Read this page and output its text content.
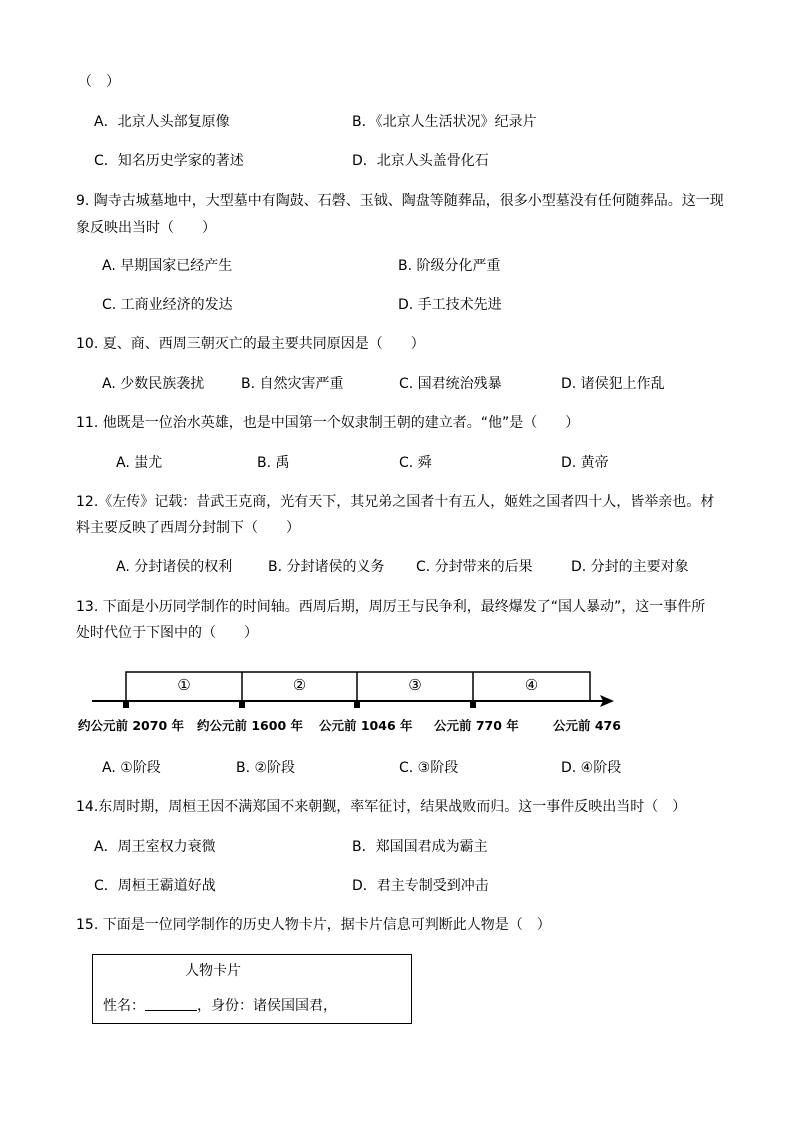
（　）
A．北京人头部复原像	B．《北京人生活状况》纪录片
C．知名历史学家的著述	D．北京人头盖骨化石
9. 陶寺古城墓地中，大型墓中有陶鼓、石磬、玉钺、陶盘等随葬品，很多小型墓没有任何随葬品。这一现
象反映出当时（　　）
A. 早期国家已经产生	B. 阶级分化严重
C. 工商业经济的发达	D. 手工技术先进
10. 夏、商、西周三朝灭亡的最主要共同原因是（　　）
A. 少数民族袭扰	B. 自然灾害严重	C. 国君统治残暴	D. 诸侯犯上作乱
11. 他既是一位治水英雄，也是中国第一个奴隶制王朝的建立者。“他”是（　　）
A. 蚩尤	B. 禹	C. 舜	D. 黄帝
12.《左传》记载：昔武王克商，光有天下，其兄弟之国者十有五人，姬姓之国者四十人，皆举亲也。材
料主要反映了西周分封制下（　　）
A. 分封诸侯的权利	B. 分封诸侯的义务 C. 分封带来的后果	D. 分封的主要对象
13. 下面是小历同学制作的时间轴。西周后期，周厉王与民争利，最终爆发了“国人暴动”，这一事件所
处时代位于下图中的（　　）
①	②	③	④
约公元前 2070 年 约公元前 1600 年 公元前 1046 年 公元前 770 年	公元前 476
A. ①阶段	B. ②阶段	C. ③阶段	D. ④阶段
14.东周时期，周桓王因不满郑国不来朝觐，率军征讨，结果战败而归。这一事件反映出当时（　）
A．周王室权力衰微	B．郑国国君成为霸主
C．周桓王霸道好战	D．君主专制受到冲击
15. 下面是一位同学制作的历史人物卡片，据卡片信息可判断此人物是（　）
人物卡片
性名：	，身份：诸侯国国君，
